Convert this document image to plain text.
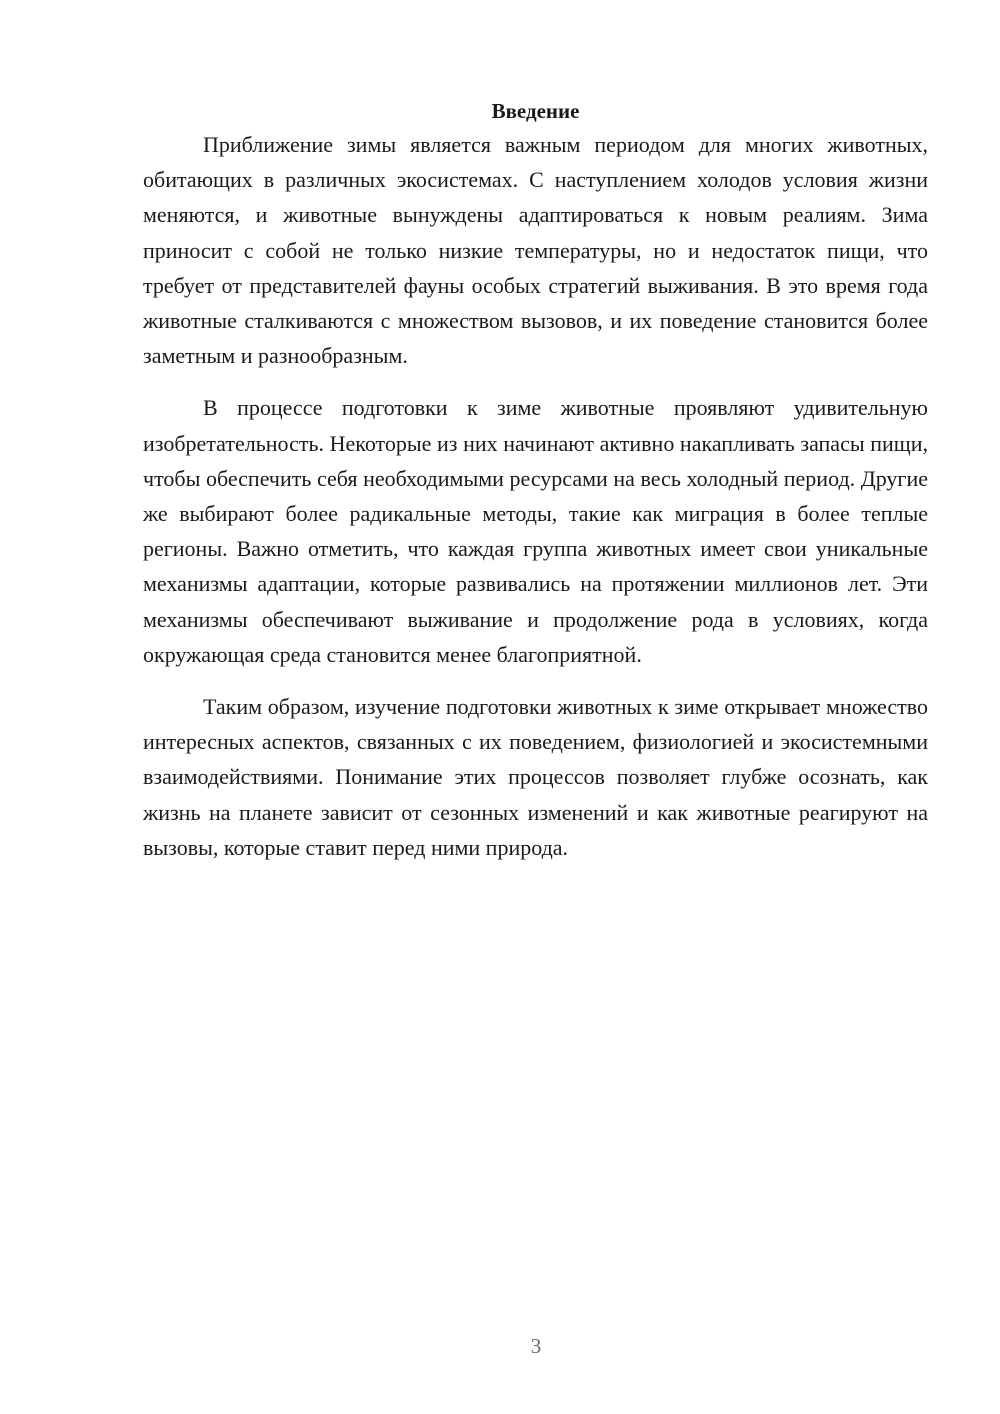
Введение

Приближение зимы является важным периодом для многих животных, обитающих в различных экосистемах. С наступлением холодов условия жизни меняются, и животные вынуждены адаптироваться к новым реалиям. Зима приносит с собой не только низкие температуры, но и недостаток пищи, что требует от представителей фауны особых стратегий выживания. В это время года животные сталкиваются с множеством вызовов, и их поведение становится более заметным и разнообразным.

В процессе подготовки к зиме животные проявляют удивительную изобретательность. Некоторые из них начинают активно накапливать запасы пищи, чтобы обеспечить себя необходимыми ресурсами на весь холодный период. Другие же выбирают более радикальные методы, такие как миграция в более теплые регионы. Важно отметить, что каждая группа животных имеет свои уникальные механизмы адаптации, которые развивались на протяжении миллионов лет. Эти механизмы обеспечивают выживание и продолжение рода в условиях, когда окружающая среда становится менее благоприятной.

Таким образом, изучение подготовки животных к зиме открывает множество интересных аспектов, связанных с их поведением, физиологией и экосистемными взаимодействиями. Понимание этих процессов позволяет глубже осознать, как жизнь на планете зависит от сезонных изменений и как животные реагируют на вызовы, которые ставит перед ними природа.

3
